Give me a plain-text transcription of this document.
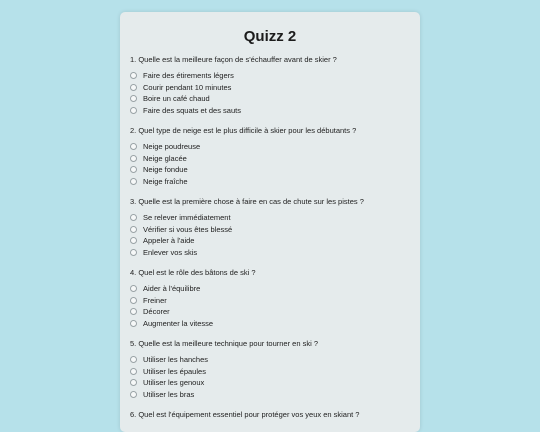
Quizz 2
1. Quelle est la meilleure façon de s'échauffer avant de skier ?
Faire des étirements légers
Courir pendant 10 minutes
Boire un café chaud
Faire des squats et des sauts
2. Quel type de neige est le plus difficile à skier pour les débutants ?
Neige poudreuse
Neige glacée
Neige fondue
Neige fraîche
3. Quelle est la première chose à faire en cas de chute sur les pistes ?
Se relever immédiatement
Vérifier si vous êtes blessé
Appeler à l'aide
Enlever vos skis
4. Quel est le rôle des bâtons de ski ?
Aider à l'équilibre
Freiner
Décorer
Augmenter la vitesse
5. Quelle est la meilleure technique pour tourner en ski ?
Utiliser les hanches
Utiliser les épaules
Utiliser les genoux
Utiliser les bras
6. Quel est l'équipement essentiel pour protéger vos yeux en skiant ?
